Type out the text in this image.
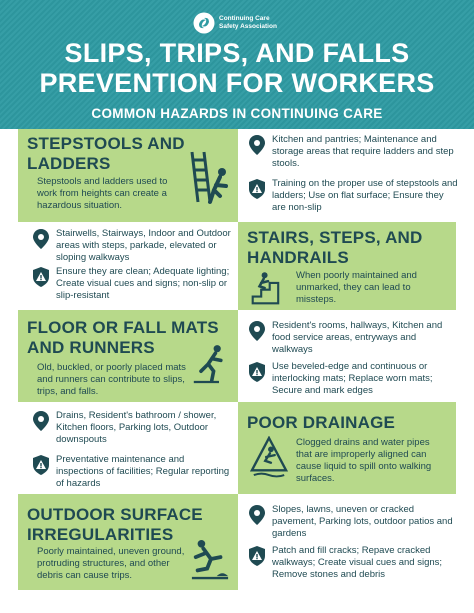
Continuing Care
Safety Association
SLIPS, TRIPS, AND FALLS
PREVENTION FOR WORKERS
COMMON HAZARDS IN CONTINUING CARE
STEPSTOOLS AND
LADDERS
Stepstools and ladders used to work from heights can create a hazardous situation.
Kitchen and pantries; Maintenance and storage areas that require ladders and step stools.
Training on the proper use of stepstools and ladders; Use on flat surface; Ensure they are non-slip
Stairwells, Stairways, Indoor and Outdoor areas with steps, parkade, elevated or sloping walkways
Ensure they are clean; Adequate lighting; Create visual cues and signs; non-slip or slip-resistant
STAIRS, STEPS, AND
HANDRAILS
When poorly maintained and unmarked, they can lead to missteps.
FLOOR OR FALL MATS
AND RUNNERS
Old, buckled, or poorly placed mats and runners can contribute to slips, trips, and falls.
Resident's rooms, hallways, Kitchen and food service areas, entryways and walkways
Use beveled-edge and continuous or interlocking mats; Replace worn mats; Secure and mark edges
Drains, Resident's bathroom / shower, Kitchen floors, Parking lots, Outdoor downspouts
Preventative maintenance and inspections of facilities; Regular reporting of hazards
POOR DRAINAGE
Clogged drains and water pipes that are improperly aligned can cause liquid to spill onto walking surfaces.
OUTDOOR SURFACE
IRREGULARITIES
Poorly maintained, uneven ground, protruding structures, and other debris can cause trips.
Slopes, lawns, uneven or cracked pavement, Parking lots, outdoor patios and gardens
Patch and fill cracks; Repave cracked walkways; Create visual cues and signs; Remove stones and debris
